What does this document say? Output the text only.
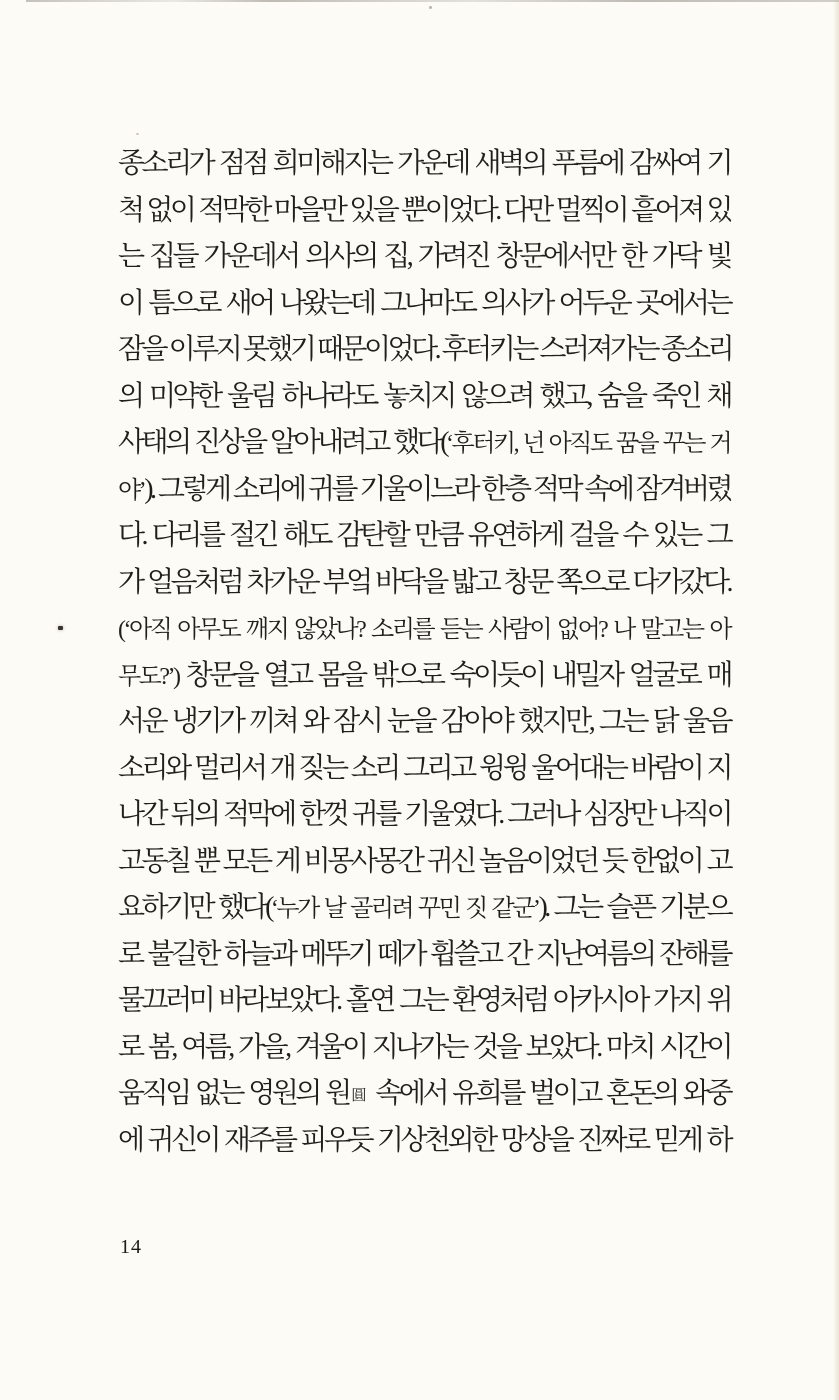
종소리가 점점 희미해지는 가운데 새벽의 푸름에 감싸여 기
척 없이 적막한 마을만 있을 뿐이었다. 다만 멀찍이 흩어져 있
는 집들 가운데서 의사의 집, 가려진 창문에서만 한 가닥 빛
이 틈으로 새어 나왔는데 그나마도 의사가 어두운 곳에서는
잠을 이루지 못했기 때문이었다. 후터키는 스러져가는 종소리
의 미약한 울림 하나라도 놓치지 않으려 했고, 숨을 죽인 채
사태의 진상을 알아내려고 했다(‘후터키, 넌 아직도 꿈을 꾸는 거
야’). 그렇게 소리에 귀를 기울이느라 한층 적막 속에 잠겨버렸
다. 다리를 절긴 해도 감탄할 만큼 유연하게 걸을 수 있는 그
가 얼음처럼 차가운 부엌 바닥을 밟고 창문 쪽으로 다가갔다.
(‘아직 아무도 깨지 않았나? 소리를 듣는 사람이 없어? 나 말고는 아
무도?’) 창문을 열고 몸을 밖으로 숙이듯이 내밀자 얼굴로 매
서운 냉기가 끼쳐 와 잠시 눈을 감아야 했지만, 그는 닭 울음
소리와 멀리서 개 짖는 소리 그리고 윙윙 울어대는 바람이 지
나간 뒤의 적막에 한껏 귀를 기울였다. 그러나 심장만 나직이
고동칠 뿐 모든 게 비몽사몽간 귀신 놀음이었던 듯 한없이 고
요하기만 했다(‘누가 날 골리려 꾸민 짓 같군’). 그는 슬픈 기분으
로 불길한 하늘과 메뚜기 떼가 휩쓸고 간 지난여름의 잔해를
물끄러미 바라보았다. 홀연 그는 환영처럼 아카시아 가지 위
로 봄, 여름, 가을, 겨울이 지나가는 것을 보았다. 마치 시간이
움직임 없는 영원의 원圓 속에서 유희를 벌이고 혼돈의 와중
에 귀신이 재주를 피우듯 기상천외한 망상을 진짜로 믿게 하
14
